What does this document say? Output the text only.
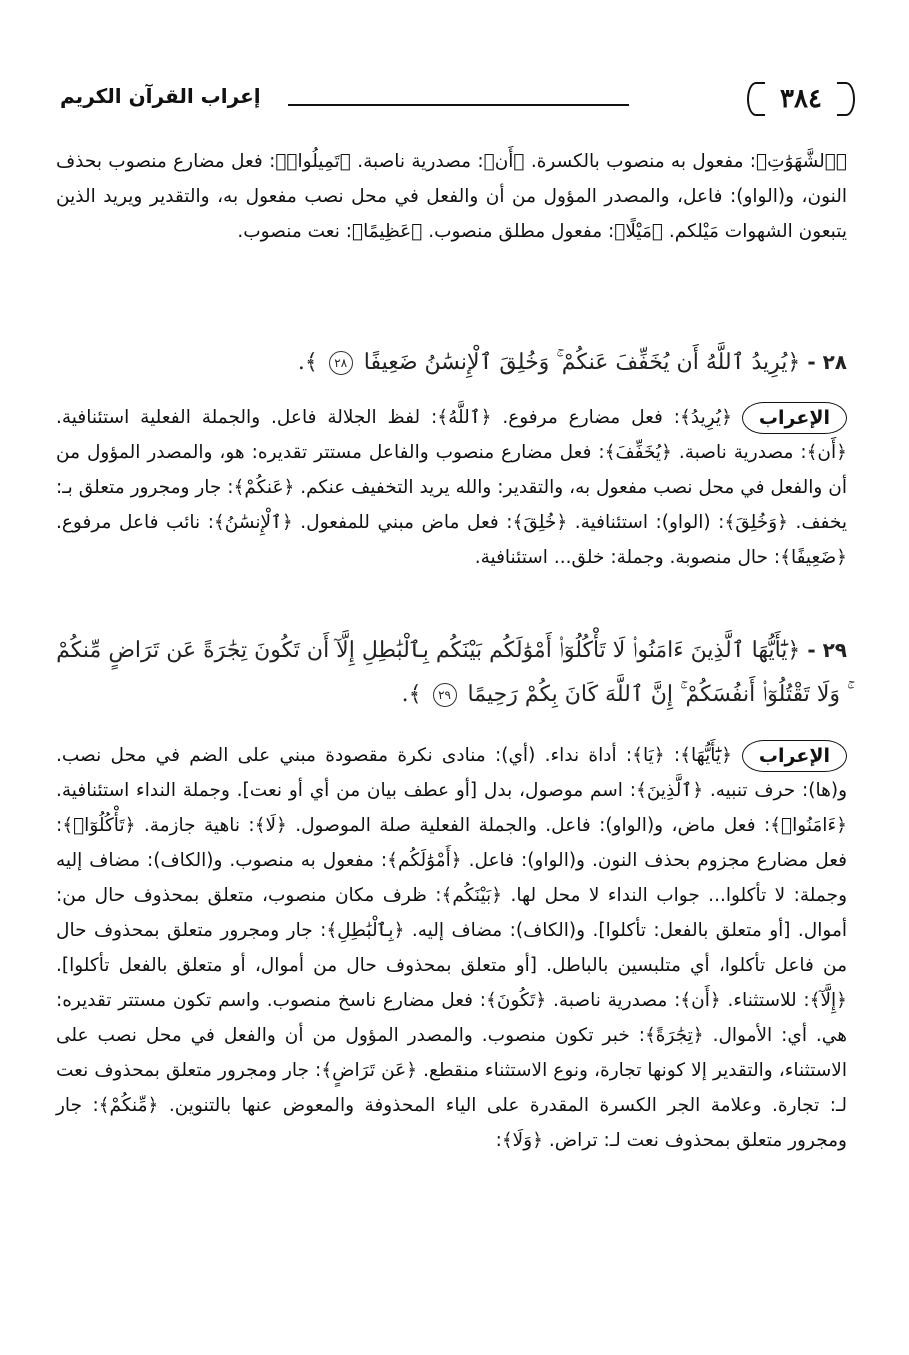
٣٨٤
إعراب القرآن الكريم
﴿ٱلشَّهَوَٰتِ﴾: مفعول به منصوب بالكسرة. ﴿أَن﴾: مصدرية ناصبة. ﴿تَمِيلُوا۟﴾: فعل مضارع منصوب بحذف النون، و(الواو): فاعل، والمصدر المؤول من أن والفعل في محل نصب مفعول به، والتقدير ويريد الذين يتبعون الشهوات مَيْلكم. ﴿مَيْلًا﴾: مفعول مطلق منصوب. ﴿عَظِيمًا﴾: نعت منصوب.
٢٨ - ﴿يُرِيدُ ٱللَّهُ أَن يُخَفِّفَ عَنكُمْ ۚ وَخُلِقَ ٱلْإِنسَٰنُ ضَعِيفًا ٢٨ ﴾.
الإعراب
﴿يُرِيدُ﴾: فعل مضارع مرفوع. ﴿ٱللَّهُ﴾: لفظ الجلالة فاعل. والجملة الفعلية استئنافية. ﴿أَن﴾: مصدرية ناصبة. ﴿يُخَفِّفَ﴾: فعل مضارع منصوب والفاعل مستتر تقديره: هو، والمصدر المؤول من أن والفعل في محل نصب مفعول به، والتقدير: والله يريد التخفيف عنكم. ﴿عَنكُمْ﴾: جار ومجرور متعلق بـ: يخفف. ﴿وَخُلِقَ﴾: (الواو): استئنافية. ﴿خُلِقَ﴾: فعل ماض مبني للمفعول. ﴿ٱلْإِنسَٰنُ﴾: نائب فاعل مرفوع. ﴿ضَعِيفًا﴾: حال منصوبة. وجملة: خلق... استئنافية.
٢٩ - ﴿يَٰٓأَيُّهَا ٱلَّذِينَ ءَامَنُوا۟ لَا تَأْكُلُوٓا۟ أَمْوَٰلَكُم بَيْنَكُم بِٱلْبَٰطِلِ إِلَّآ أَن تَكُونَ تِجَٰرَةً عَن تَرَاضٍ مِّنكُمْ ۚ وَلَا تَقْتُلُوٓا۟ أَنفُسَكُمْ ۚ إِنَّ ٱللَّهَ كَانَ بِكُمْ رَحِيمًا ٢٩ ﴾.
الإعراب
﴿يَٰٓأَيُّهَا﴾: ﴿يَا﴾: أداة نداء. (أي): منادى نكرة مقصودة مبني على الضم في محل نصب. و(ها): حرف تنبيه. ﴿ٱلَّذِينَ﴾: اسم موصول، بدل [أو عطف بيان من أي أو نعت]. وجملة النداء استئنافية. ﴿ءَامَنُوا۟﴾: فعل ماض، و(الواو): فاعل. والجملة الفعلية صلة الموصول. ﴿لَا﴾: ناهية جازمة. ﴿تَأْكُلُوٓا۟﴾: فعل مضارع مجزوم بحذف النون. و(الواو): فاعل. ﴿أَمْوَٰلَكُم﴾: مفعول به منصوب. و(الكاف): مضاف إليه وجملة: لا تأكلوا... جواب النداء لا محل لها. ﴿بَيْنَكُم﴾: ظرف مكان منصوب، متعلق بمحذوف حال من: أموال. [أو متعلق بالفعل: تأكلوا]. و(الكاف): مضاف إليه. ﴿بِٱلْبَٰطِلِ﴾: جار ومجرور متعلق بمحذوف حال من فاعل تأكلوا، أي متلبسين بالباطل. [أو متعلق بمحذوف حال من أموال، أو متعلق بالفعل تأكلوا]. ﴿إِلَّآ﴾: للاستثناء. ﴿أَن﴾: مصدرية ناصبة. ﴿تَكُونَ﴾: فعل مضارع ناسخ منصوب. واسم تكون مستتر تقديره: هي. أي: الأموال. ﴿تِجَٰرَةً﴾: خبر تكون منصوب. والمصدر المؤول من أن والفعل في محل نصب على الاستثناء، والتقدير إلا كونها تجارة، ونوع الاستثناء منقطع. ﴿عَن تَرَاضٍ﴾: جار ومجرور متعلق بمحذوف نعت لـ: تجارة. وعلامة الجر الكسرة المقدرة على الياء المحذوفة والمعوض عنها بالتنوين. ﴿مِّنكُمْ﴾: جار ومجرور متعلق بمحذوف نعت لـ: تراض. ﴿وَلَا﴾:
